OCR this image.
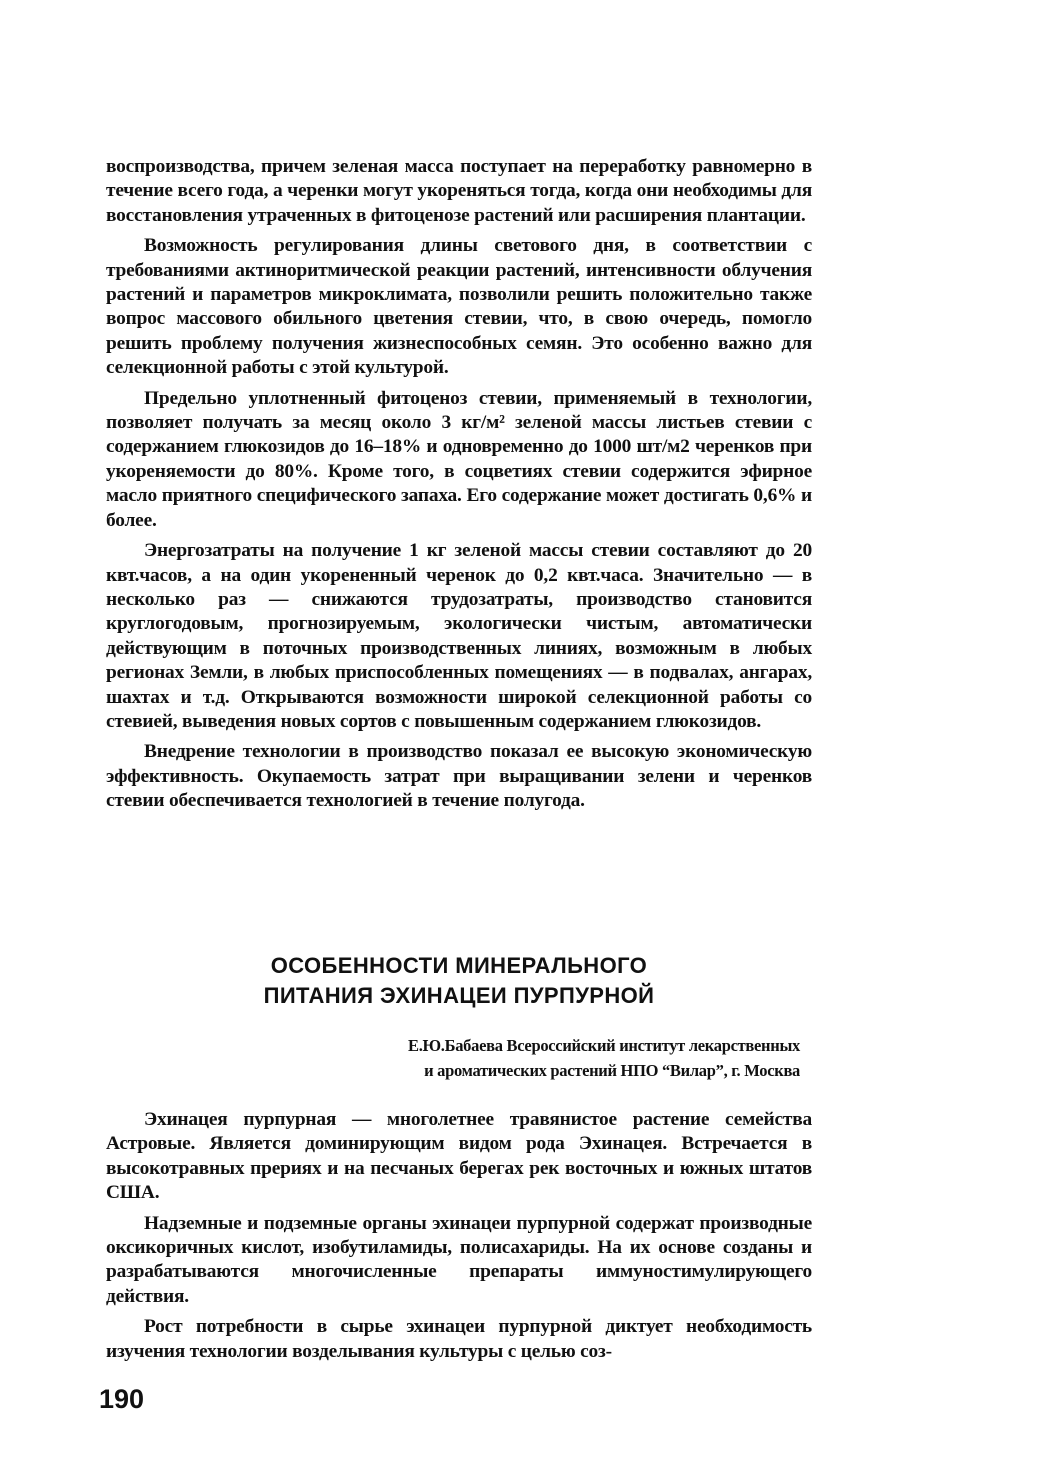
воспроизводства, причем зеленая масса поступает на переработку равномерно в течение всего года, а черенки могут укореняться тогда, когда они необходимы для восстановления утраченных в фитоценозе растений или расширения плантации.

Возможность регулирования длины светового дня, в соответствии с требованиями актиноритмической реакции растений, интенсивности облучения растений и параметров микроклимата, позволили решить положительно также вопрос массового обильного цветения стевии, что, в свою очередь, помогло решить проблему получения жизнеспособных семян. Это особенно важно для селекционной работы с этой культурой.

Предельно уплотненный фитоценоз стевии, применяемый в технологии, позволяет получать за месяц около 3 кг/м² зеленой массы листьев стевии с содержанием глюкозидов до 16–18% и одновременно до 1000 шт/м2 черенков при укореняемости до 80%. Кроме того, в соцветиях стевии содержится эфирное масло приятного специфического запаха. Его содержание может достигать 0,6% и более.

Энергозатраты на получение 1 кг зеленой массы стевии составляют до 20 квт.часов, а на один укорененный черенок до 0,2 квт.часа. Значительно — в несколько раз — снижаются трудозатраты, производство становится круглогодовым, прогнозируемым, экологически чистым, автоматически действующим в поточных производственных линиях, возможным в любых регионах Земли, в любых приспособленных помещениях — в подвалах, ангарах, шахтах и т.д. Открываются возможности широкой селекционной работы со стевией, выведения новых сортов с повышенным содержанием глюкозидов.

Внедрение технологии в производство показал ее высокую экономическую эффективность. Окупаемость затрат при выращивании зелени и черенков стевии обеспечивается технологией в течение полугода.

ОСОБЕННОСТИ МИНЕРАЛЬНОГО
ПИТАНИЯ ЭХИНАЦЕИ ПУРПУРНОЙ
Е.Ю.Бабаева Всероссийский институт лекарственных
и ароматических растений НПО “Вилар”, г. Москва

Эхинацея пурпурная — многолетнее травянистое растение семейства Астровые. Является доминирующим видом рода Эхинацея. Встречается в высокотравных прериях и на песчаных берегах рек восточных и южных штатов США.

Надземные и подземные органы эхинацеи пурпурной содержат производные оксикоричных кислот, изобутиламиды, полисахариды. На их основе созданы и разрабатываются многочисленные препараты иммуностимулирующего действия.

Рост потребности в сырье эхинацеи пурпурной диктует необходимость изучения технологии возделывания культуры с целью соз-

190
